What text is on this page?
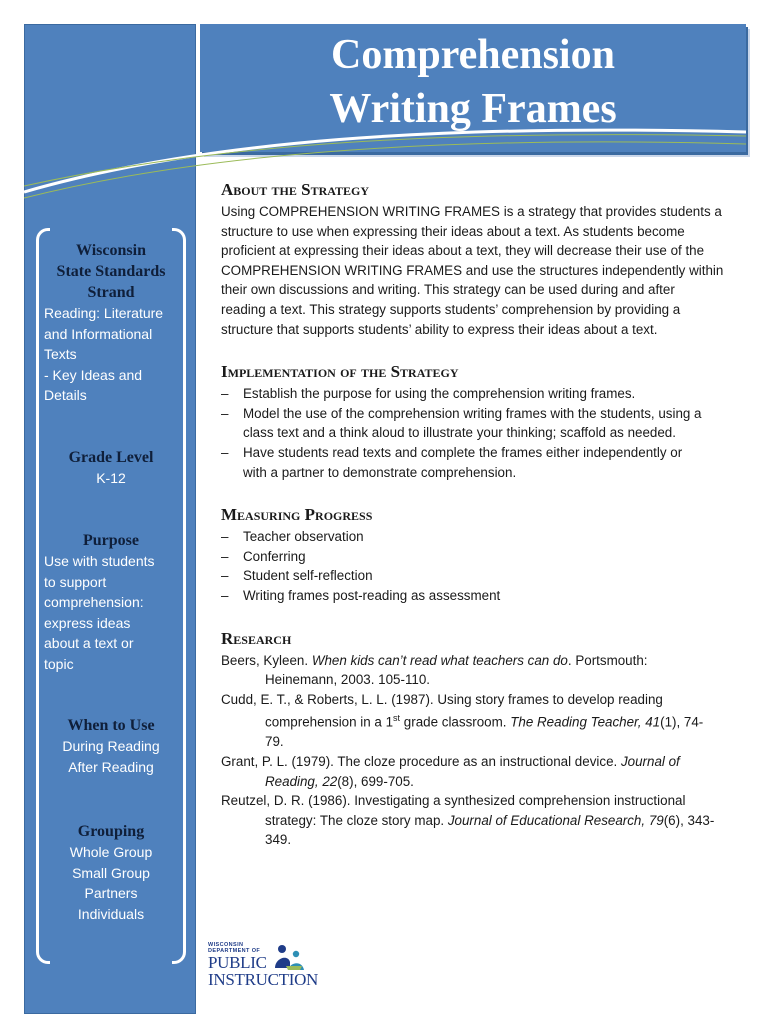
Wisconsin
State Standards
Strand
Reading: Literature
and Informational
Texts
- Key Ideas and
Details
Grade Level
K-12
Purpose
Use with students
to support
comprehension:
express ideas
about a text or
topic
When to Use
During Reading
After Reading
Grouping
Whole Group
Small Group
Partners
Individuals
Comprehension
Writing Frames
About the Strategy
Using COMPREHENSION WRITING FRAMES is a strategy that provides students a
structure to use when expressing their ideas about a text. As students become
proficient at expressing their ideas about a text, they will decrease their use of the
COMPREHENSION WRITING FRAMES and use the structures independently within
their own discussions and writing. This strategy can be used during and after
reading a text. This strategy supports students’ comprehension by providing a
structure that supports students’ ability to express their ideas about a text.
Implementation of the Strategy
– Establish the purpose for using the comprehension writing frames.
– Model the use of the comprehension writing frames with the students, using a
class text and a think aloud to illustrate your thinking; scaffold as needed.
– Have students read texts and complete the frames either independently or
with a partner to demonstrate comprehension.
Measuring Progress
– Teacher observation
– Conferring
– Student self-reflection
– Writing frames post-reading as assessment
Research
Beers, Kyleen. When kids can’t read what teachers can do. Portsmouth:
Heinemann, 2003. 105-110.
Cudd, E. T., & Roberts, L. L. (1987). Using story frames to develop reading
comprehension in a 1st grade classroom. The Reading Teacher, 41(1), 74-
79.
Grant, P. L. (1979). The cloze procedure as an instructional device. Journal of
Reading, 22(8), 699-705.
Reutzel, D. R. (1986). Investigating a synthesized comprehension instructional
strategy: The cloze story map. Journal of Educational Research, 79(6), 343-
349.
WISCONSIN
DEPARTMENT OF
PUBLIC
INSTRUCTION
